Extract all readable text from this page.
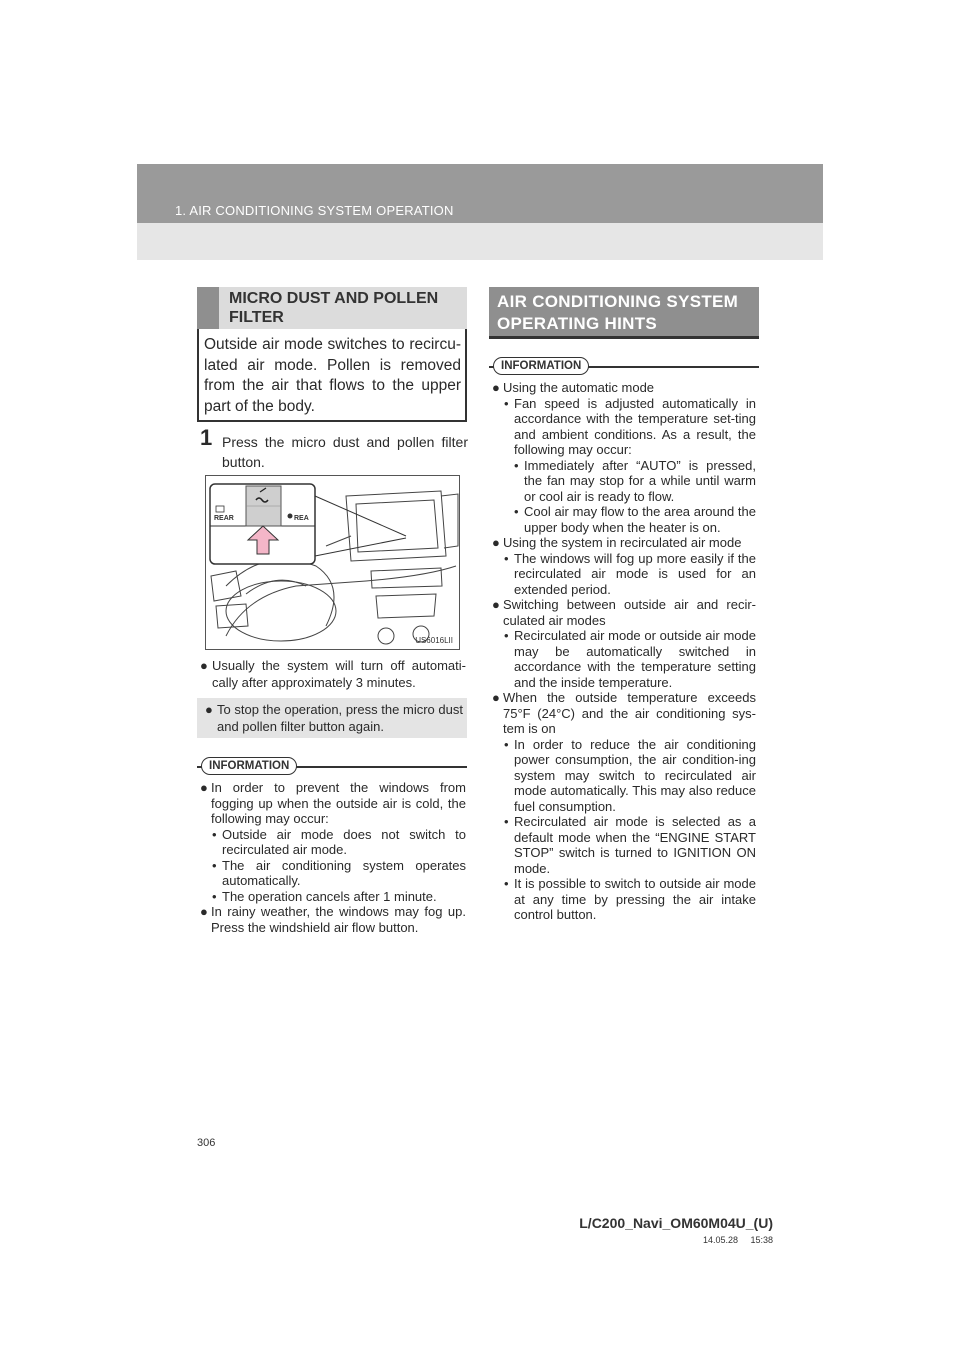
1. AIR CONDITIONING SYSTEM OPERATION
MICRO DUST AND POLLEN FILTER
Outside air mode switches to recircu-lated air mode. Pollen is removed from the air that flows to the upper part of the body.
1 Press the micro dust and pollen filter button.
REAR	REA
US6016LII
● Usually the system will turn off automati-cally after approximately 3 minutes.
● To stop the operation, press the micro dust and pollen filter button again.
INFORMATION
● In order to prevent the windows from fogging up when the outside air is cold, the following may occur:
• Outside air mode does not switch to recirculated air mode.
• The air conditioning system operates automatically.
• The operation cancels after 1 minute.
● In rainy weather, the windows may fog up. Press the windshield air flow button.
AIR CONDITIONING SYSTEM OPERATING HINTS
INFORMATION
● Using the automatic mode
• Fan speed is adjusted automatically in accordance with the temperature set-ting and ambient conditions. As a result, the following may occur:
• Immediately after “AUTO” is pressed, the fan may stop for a while until warm or cool air is ready to flow.
• Cool air may flow to the area around the upper body when the heater is on.
● Using the system in recirculated air mode
• The windows will fog up more easily if the recirculated air mode is used for an extended period.
● Switching between outside air and recir-culated air modes
• Recirculated air mode or outside air mode may be automatically switched in accordance with the temperature setting and the inside temperature.
● When the outside temperature exceeds 75°F (24°C) and the air conditioning sys-tem is on
• In order to reduce the air conditioning power consumption, the air condition-ing system may switch to recirculated air mode automatically. This may also reduce fuel consumption.
• Recirculated air mode is selected as a default mode when the “ENGINE START STOP” switch is turned to IGNITION ON mode.
• It is possible to switch to outside air mode at any time by pressing the air intake control button.
306
L/C200_Navi_OM60M04U_(U)
14.05.28     15:38
